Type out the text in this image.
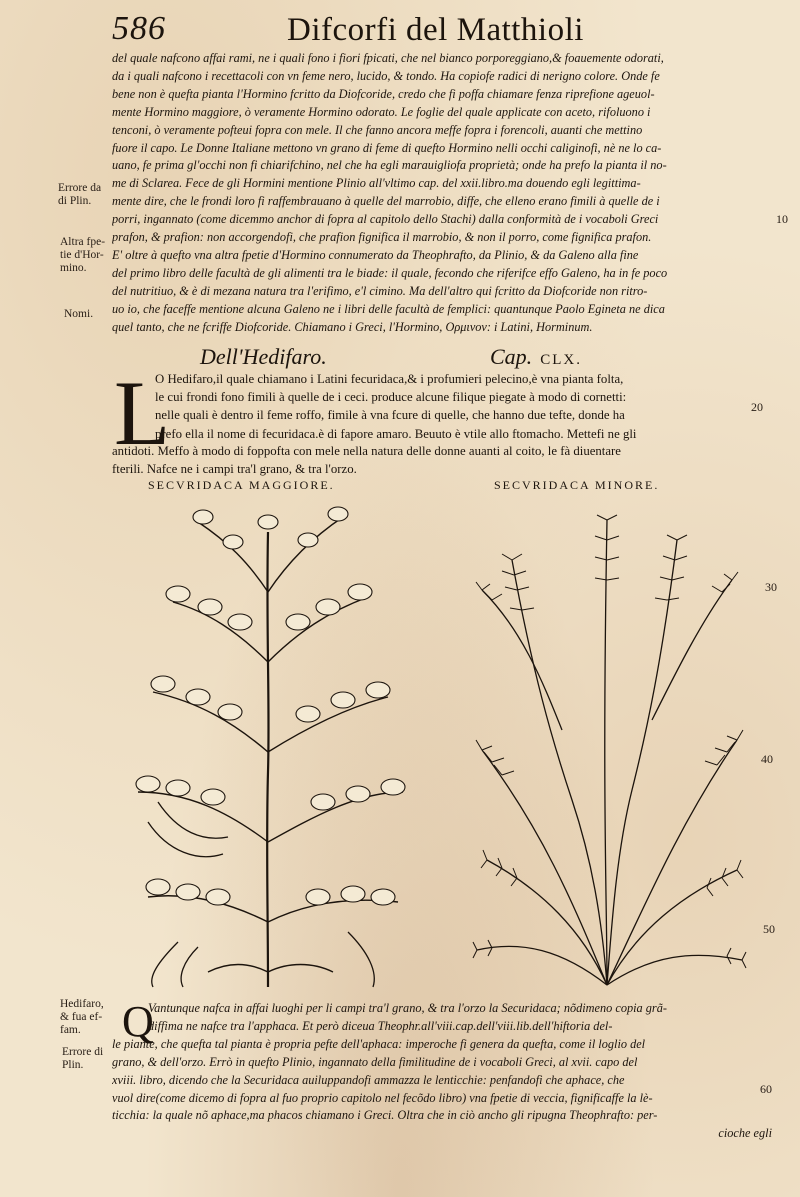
586	Difcorfi del Matthioli
del quale nafcono affai rami, ne i quali fono i fiori fpicati, che nel bianco porporeggiano,& foauemente odorati,
da i quali nafcono i recettacoli con vn feme nero, lucido, & tondo. Ha copiofe radici di nerigno colore. Onde fe
bene non è quefta pianta l'Hormino fcritto da Diofcoride, credo che fi poffa chiamare fenza riprefione ageuol-
mente Hormino maggiore, ò veramente Hormino odorato. Le foglie del quale applicate con aceto, rifoluono i
tenconi, ò veramente pofteui fopra con mele. Il che fanno ancora meffe fopra i forencoli, auanti che mettino
fuore il capo. Le Donne Italiane mettono vn grano di feme di quefto Hormino nelli occhi caliginofi, nè ne lo ca-
uano, fe prima gl'occhi non fi chiarifchino, nel che ha egli marauigliofa proprietà; onde ha prefo la pianta il no-
me di Sclarea. Fece de gli Hormini mentione Plinio all'vltimo cap. del xxii.libro.ma douendo egli legittima-
mente dire, che le frondi loro fi raffembrauano à quelle del marrobio, diffe, che elleno erano fimili à quelle de i
porri, ingannato (come dicemmo anchor di fopra al capitolo dello Stachi) dalla conformità de i vocaboli Greci
prafon, & prafion: non accorgendofi, che prafion fignifica il marrobio, & non il porro, come fignifica prafon.
E' oltre à quefto vna altra fpetie d'Hormino connumerato da Theophrafto, da Plinio, & da Galeno alla fine
del primo libro delle facultà de gli alimenti tra le biade: il quale, fecondo che riferifce effo Galeno, ha in fe poco
del nutritiuo, & è di mezana natura tra l'erifimo, e'l cimino. Ma dell'altro qui fcritto da Diofcoride non ritro-
uo io, che faceffe mentione alcuna Galeno ne i libri delle facultà de femplici: quantunque Paolo Egineta ne dica
quel tanto, che ne fcriffe Diofcoride. Chiamano i Greci, l'Hormino, Ορμινον: i Latini, Horminum.
Errore da
di Plin.
Altra fpe-
tie d'Hor-
mino.
Nomi.
10
20
30
40
50
60
Dell'Hedifaro.	Cap. CLX.
L
O Hedifaro,il quale chiamano i Latini fecuridaca,& i profumieri pelecino,è vna pianta folta,
le cui frondi fono fimili à quelle de i ceci. produce alcune filique piegate à modo di cornetti:
nelle quali è dentro il feme roffo, fimile à vna fcure di quelle, che hanno due tefte, donde ha
prefo ella il nome di fecuridaca.è di fapore amaro. Beuuto è vtile allo ftomacho. Mettefi ne gli
antidoti. Meffo à modo di foppofta con mele nella natura delle donne auanti al coito, le fà diuentare
fterili. Nafce ne i campi tra'l grano, & tra l'orzo.
SECVRIDACA MAGGIORE.	SECVRIDACA MINORE.
Hedifaro,
& fua ef-
fam.
Errore di
Plin.
Q
Vantunque nafca in affai luoghi per li campi tra'l grano, & tra l'orzo la Securidaca; nõdimeno copia grã-
diffima ne nafce tra l'apphaca. Et però diceua Theophr.all'viii.cap.dell'viii.lib.dell'hiftoria del-
le piante, che quefta tal pianta è propria pefte dell'aphaca: imperoche fi genera da quefta, come il loglio del
grano, & dell'orzo. Errò in quefto Plinio, ingannato della fimilitudine de i vocaboli Greci, al xvii. capo del
xviii. libro, dicendo che la Securidaca auiluppandofi ammazza le lenticchie: penfandofi che aphace, che
vuol dire(come dicemo di fopra al fuo proprio capitolo nel fecõdo libro) vna fpetie di veccia, fignificaffe la lè-
ticchia: la quale nõ aphace,ma phacos chiamano i Greci. Oltra che in ciò ancho gli ripugna Theophrafto: per-
cioche egli
